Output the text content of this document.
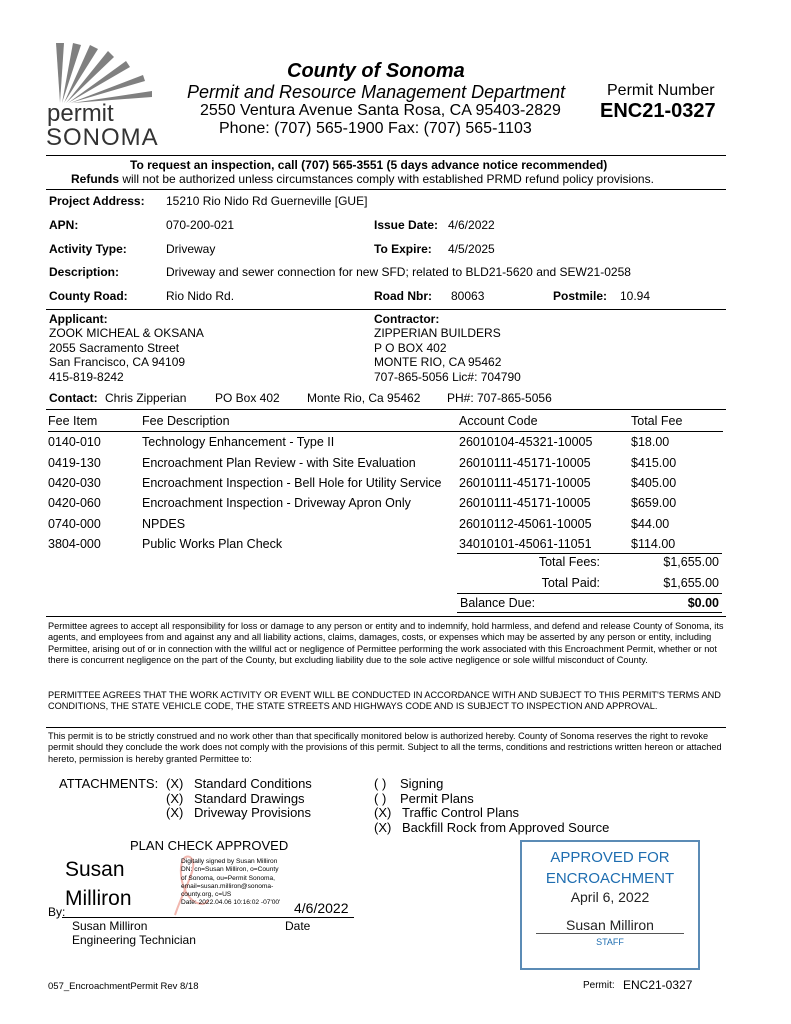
permit
SONOMA
County of Sonoma
Permit and Resource Management Department
2550 Ventura Avenue Santa Rosa, CA 95403-2829
Phone: (707) 565-1900 Fax: (707) 565-1103
Permit Number
ENC21-0327
To request an inspection, call (707) 565-3551 (5 days advance notice recommended)
Refunds will not be authorized unless circumstances comply with established PRMD refund policy provisions.
Project Address: 15210 Rio Nido Rd Guerneville [GUE]
APN:	070-200-021	Issue Date: 4/6/2022
Activity Type:	Driveway	To Expire: 4/5/2025
Description:	Driveway and sewer connection for new SFD; related to BLD21-5620 and SEW21-0258
County Road:	Rio Nido Rd.	Road Nbr: 80063	Postmile: 10.94
Applicant:
ZOOK MICHEAL & OKSANA
2055 Sacramento Street
San Francisco, CA 94109
415-819-8242
Contractor:
ZIPPERIAN BUILDERS
P O BOX 402
MONTE RIO, CA 95462
707-865-5056 Lic#: 704790
Contact: Chris Zipperian PO Box 402 Monte Rio, Ca 95462 PH#: 707-865-5056
Fee Item	Fee Description	Account Code	Total Fee
0140-010	Technology Enhancement - Type II	26010104-45321-10005	$18.00
0419-130	Encroachment Plan Review - with Site Evaluation	26010111-45171-10005	$415.00
0420-030	Encroachment Inspection - Bell Hole for Utility Service	26010111-45171-10005	$405.00
0420-060	Encroachment Inspection - Driveway Apron Only	26010111-45171-10005	$659.00
0740-000	NPDES	26010112-45061-10005	$44.00
3804-000	Public Works Plan Check	34010101-45061-11051	$114.00
Total Fees:	$1,655.00
Total Paid:	$1,655.00
Balance Due:	$0.00
Permittee agrees to accept all responsibility for loss or damage to any person or entity and to indemnify, hold harmless, and defend and release County of Sonoma, its agents, and employees from and against any and all liability actions, claims, damages, costs, or expenses which may be asserted by any person or entity, including Permittee, arising out of or in connection with the willful act or negligence of Permittee performing the work associated with this Encroachment Permit, whether or not there is concurrent negligence on the part of the County, but excluding liability due to the sole active negligence or sole willful misconduct of County.
PERMITTEE AGREES THAT THE WORK ACTIVITY OR EVENT WILL BE CONDUCTED IN ACCORDANCE WITH AND SUBJECT TO THIS PERMIT'S TERMS AND CONDITIONS, THE STATE VEHICLE CODE, THE STATE STREETS AND HIGHWAYS CODE AND IS SUBJECT TO INSPECTION AND APPROVAL.
This permit is to be strictly construed and no work other than that specifically monitored below is authorized hereby. County of Sonoma reserves the right to revoke permit should they conclude the work does not comply with the provisions of this permit. Subject to all the terms, conditions and restrictions written hereon or attached hereto, permission is hereby granted Permittee to:
ATTACHMENTS: (X) Standard Conditions
(X) Standard Drawings
(X) Driveway Provisions
( ) Signing
( ) Permit Plans
(X) Traffic Control Plans
(X) Backfill Rock from Approved Source
PLAN CHECK APPROVED
Susan
Milliron
Digitally signed by Susan Milliron
DN: cn=Susan Milliron, o=County
of Sonoma, ou=Permit Sonoma,
email=susan.milliron@sonoma-
county.org, c=US
Date: 2022.04.06 10:16:02 -07'00'
By:	4/6/2022
Susan Milliron	Date
Engineering Technician
APPROVED FOR
ENCROACHMENT
April 6, 2022
Susan Milliron
STAFF
057_EncroachmentPermit Rev 8/18	Permit: ENC21-0327
